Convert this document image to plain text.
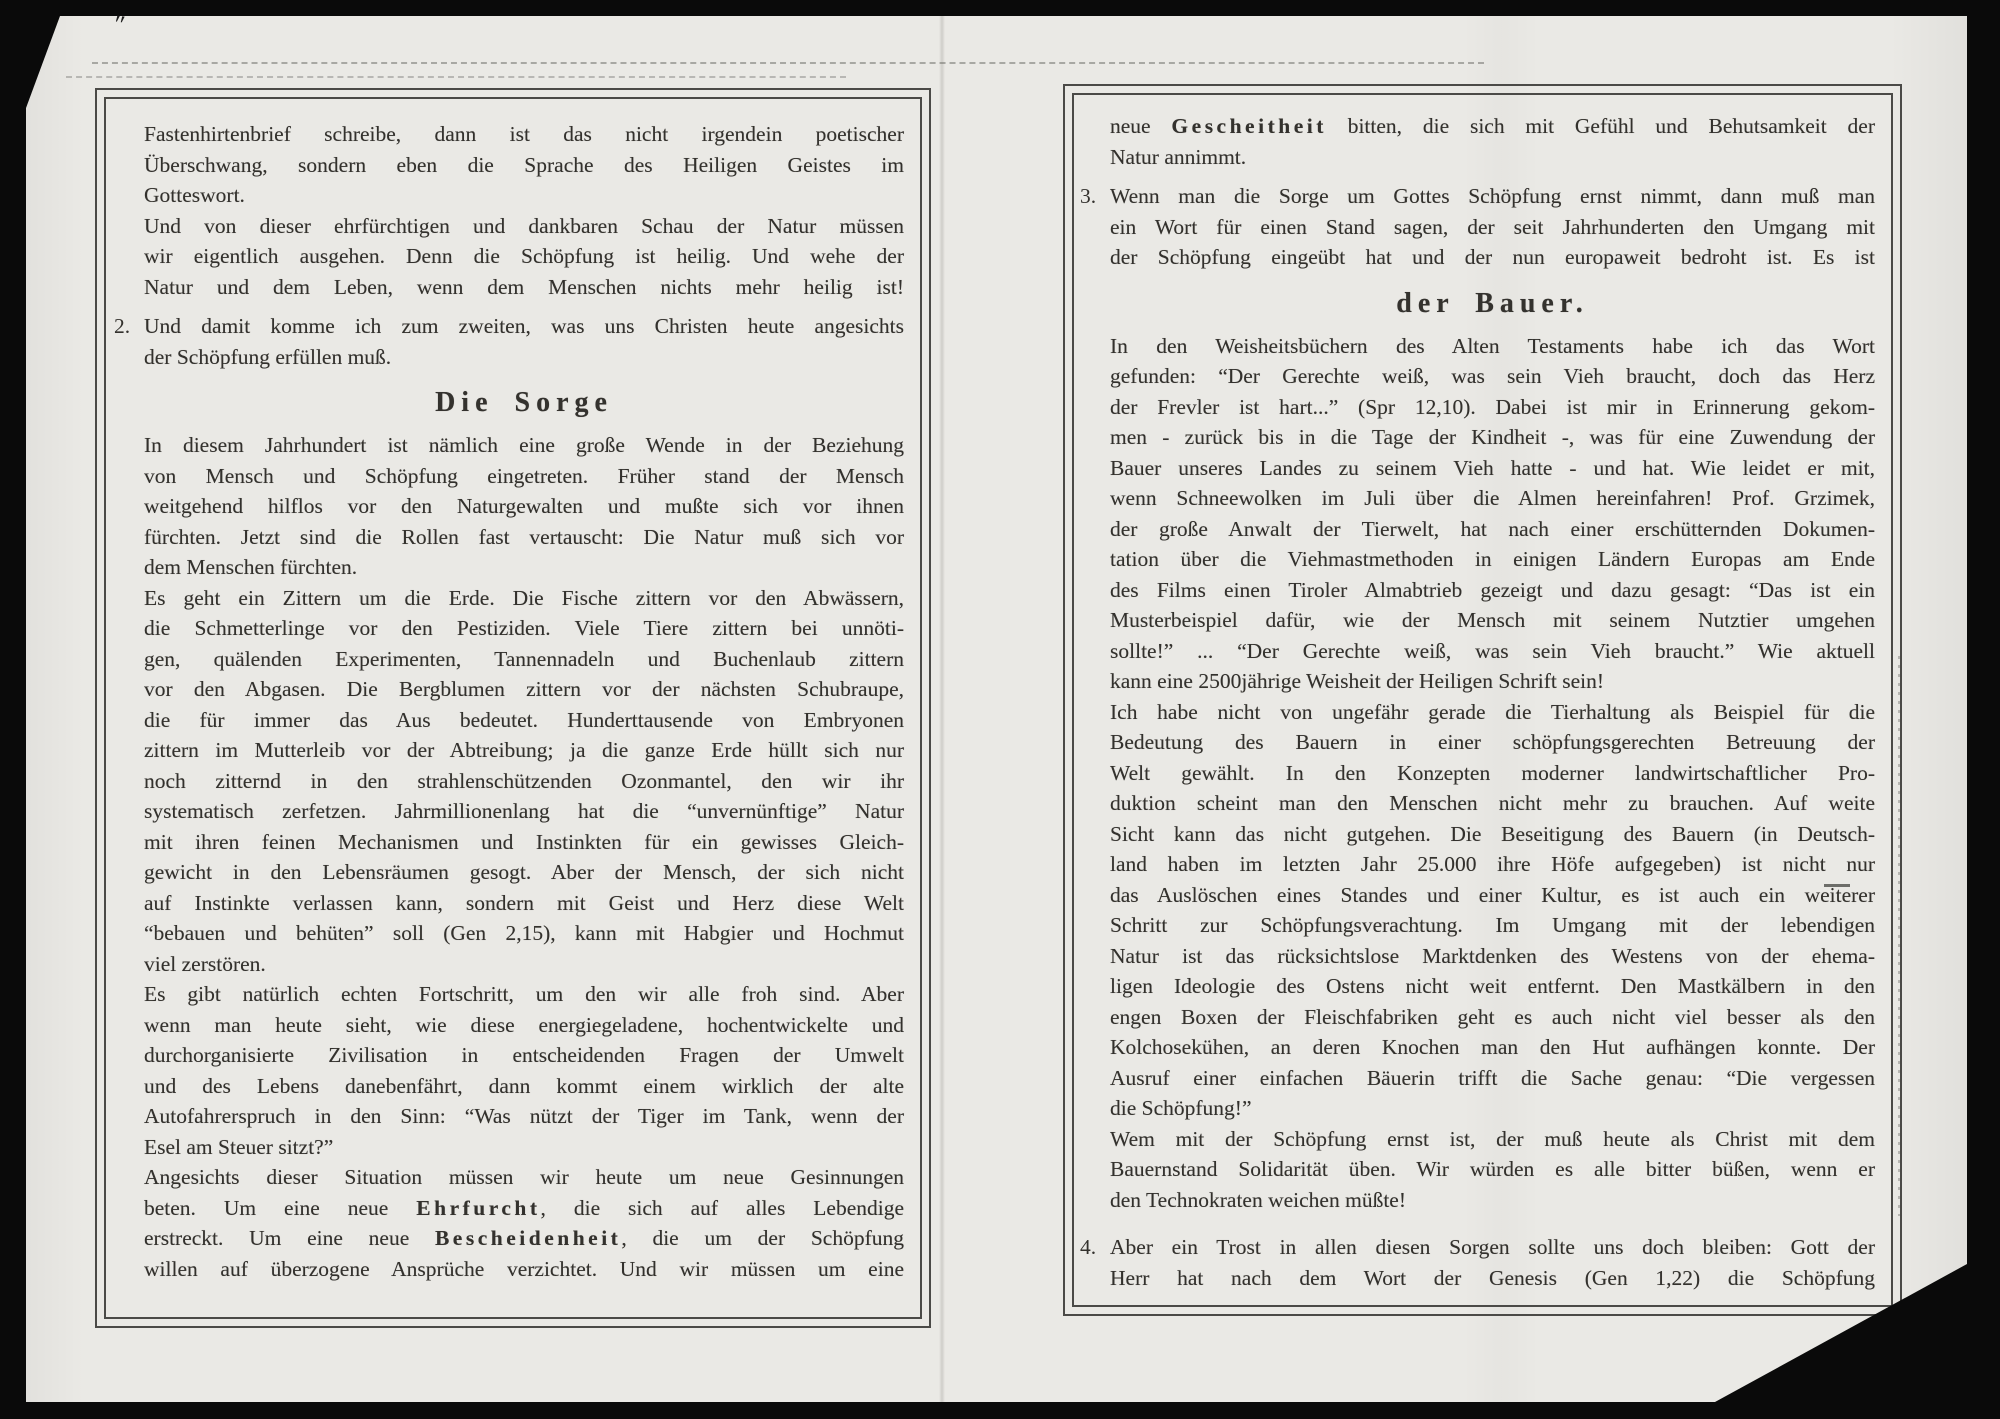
″
Fastenhirtenbrief schreibe, dann ist das nicht irgendein poetischer
Überschwang, sondern eben die Sprache des Heiligen Geistes im
Gotteswort.
Und von dieser ehrfürchtigen und dankbaren Schau der Natur müssen
wir eigentlich ausgehen. Denn die Schöpfung ist heilig. Und wehe der
Natur und dem Leben, wenn dem Menschen nichts mehr heilig ist!
2. Und damit komme ich zum zweiten, was uns Christen heute angesichts
der Schöpfung erfüllen muß.
Die Sorge
In diesem Jahrhundert ist nämlich eine große Wende in der Beziehung
von Mensch und Schöpfung eingetreten. Früher stand der Mensch
weitgehend hilflos vor den Naturgewalten und mußte sich vor ihnen
fürchten. Jetzt sind die Rollen fast vertauscht: Die Natur muß sich vor
dem Menschen fürchten.
Es geht ein Zittern um die Erde. Die Fische zittern vor den Abwässern,
die Schmetterlinge vor den Pestiziden. Viele Tiere zittern bei unnöti-
gen, quälenden Experimenten, Tannennadeln und Buchenlaub zittern
vor den Abgasen. Die Bergblumen zittern vor der nächsten Schubraupe,
die für immer das Aus bedeutet. Hunderttausende von Embryonen
zittern im Mutterleib vor der Abtreibung; ja die ganze Erde hüllt sich nur
noch zitternd in den strahlenschützenden Ozonmantel, den wir ihr
systematisch zerfetzen. Jahrmillionenlang hat die “unvernünftige” Natur
mit ihren feinen Mechanismen und Instinkten für ein gewisses Gleich-
gewicht in den Lebensräumen gesogt. Aber der Mensch, der sich nicht
auf Instinkte verlassen kann, sondern mit Geist und Herz diese Welt
“bebauen und behüten” soll (Gen 2,15), kann mit Habgier und Hochmut
viel zerstören.
Es gibt natürlich echten Fortschritt, um den wir alle froh sind. Aber
wenn man heute sieht, wie diese energiegeladene, hochentwickelte und
durchorganisierte Zivilisation in entscheidenden Fragen der Umwelt
und des Lebens danebenfährt, dann kommt einem wirklich der alte
Autofahrerspruch in den Sinn: “Was nützt der Tiger im Tank, wenn der
Esel am Steuer sitzt?”
Angesichts dieser Situation müssen wir heute um neue Gesinnungen
beten. Um eine neue Ehrfurcht, die sich auf alles Lebendige
erstreckt. Um eine neue Bescheidenheit, die um der Schöpfung
willen auf überzogene Ansprüche verzichtet. Und wir müssen um eine
neue Gescheitheit bitten, die sich mit Gefühl und Behutsamkeit der
Natur annimmt.
3. Wenn man die Sorge um Gottes Schöpfung ernst nimmt, dann muß man
ein Wort für einen Stand sagen, der seit Jahrhunderten den Umgang mit
der Schöpfung eingeübt hat und der nun europaweit bedroht ist. Es ist
der Bauer.
In den Weisheitsbüchern des Alten Testaments habe ich das Wort
gefunden: “Der Gerechte weiß, was sein Vieh braucht, doch das Herz
der Frevler ist hart...” (Spr 12,10). Dabei ist mir in Erinnerung gekom-
men - zurück bis in die Tage der Kindheit -, was für eine Zuwendung der
Bauer unseres Landes zu seinem Vieh hatte - und hat. Wie leidet er mit,
wenn Schneewolken im Juli über die Almen hereinfahren! Prof. Grzimek,
der große Anwalt der Tierwelt, hat nach einer erschütternden Dokumen-
tation über die Viehmastmethoden in einigen Ländern Europas am Ende
des Films einen Tiroler Almabtrieb gezeigt und dazu gesagt: “Das ist ein
Musterbeispiel dafür, wie der Mensch mit seinem Nutztier umgehen
sollte!” ... “Der Gerechte weiß, was sein Vieh braucht.” Wie aktuell
kann eine 2500jährige Weisheit der Heiligen Schrift sein!
Ich habe nicht von ungefähr gerade die Tierhaltung als Beispiel für die
Bedeutung des Bauern in einer schöpfungsgerechten Betreuung der
Welt gewählt. In den Konzepten moderner landwirtschaftlicher Pro-
duktion scheint man den Menschen nicht mehr zu brauchen. Auf weite
Sicht kann das nicht gutgehen. Die Beseitigung des Bauern (in Deutsch-
land haben im letzten Jahr 25.000 ihre Höfe aufgegeben) ist nicht nur
das Auslöschen eines Standes und einer Kultur, es ist auch ein weiterer
Schritt zur Schöpfungsverachtung. Im Umgang mit der lebendigen
Natur ist das rücksichtslose Marktdenken des Westens von der ehema-
ligen Ideologie des Ostens nicht weit entfernt. Den Mastkälbern in den
engen Boxen der Fleischfabriken geht es auch nicht viel besser als den
Kolchosekühen, an deren Knochen man den Hut aufhängen konnte. Der
Ausruf einer einfachen Bäuerin trifft die Sache genau: “Die vergessen
die Schöpfung!”
Wem mit der Schöpfung ernst ist, der muß heute als Christ mit dem
Bauernstand Solidarität üben. Wir würden es alle bitter büßen, wenn er
den Technokraten weichen müßte!
4. Aber ein Trost in allen diesen Sorgen sollte uns doch bleiben: Gott der
Herr hat nach dem Wort der Genesis (Gen 1,22) die Schöpfung
